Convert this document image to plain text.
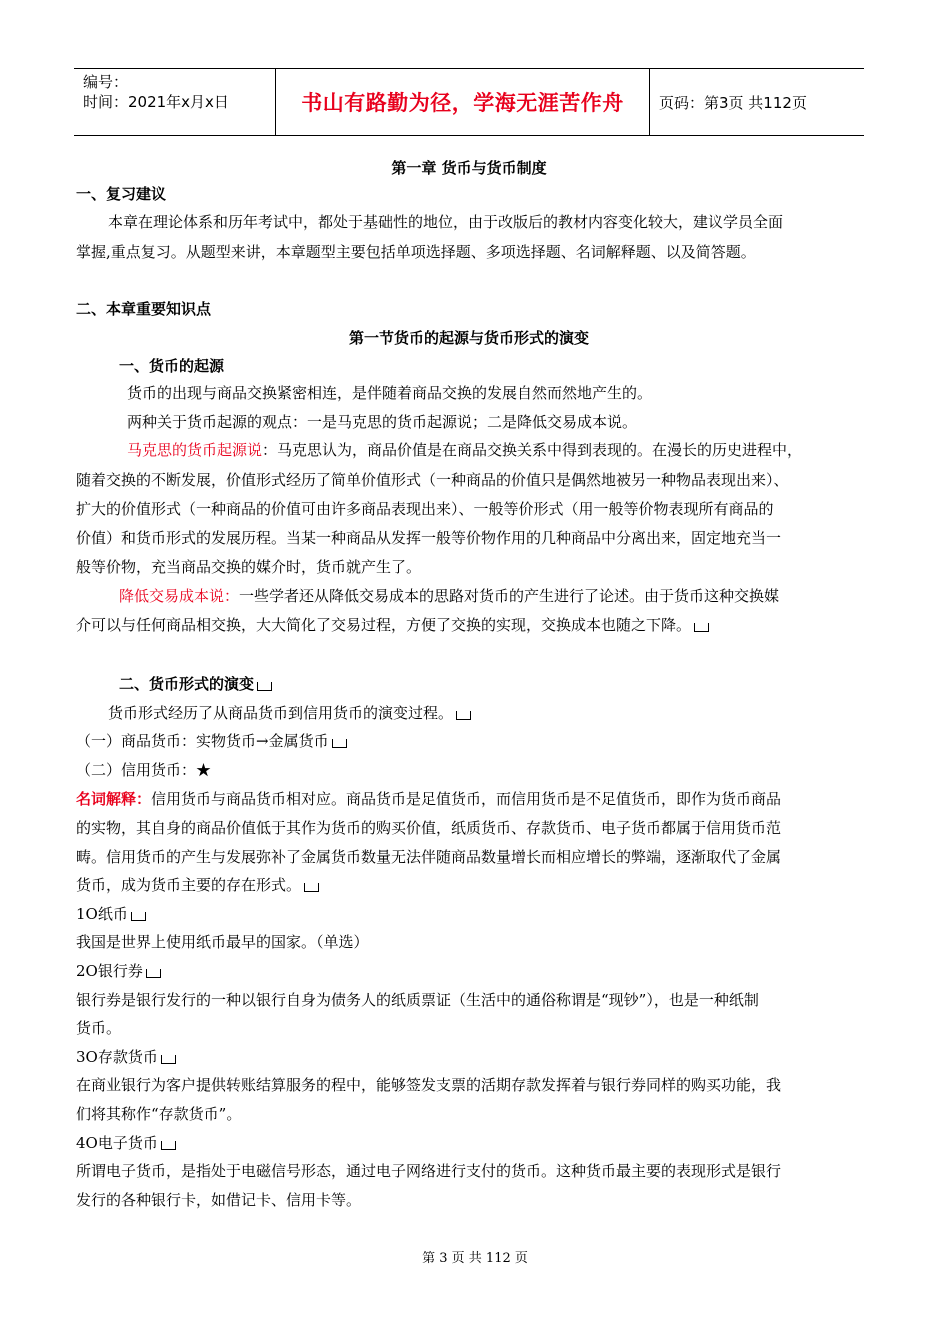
编号：
时间：2021年x月x日	书山有路勤为径，学海无涯苦作舟	页码：第3页 共112页
第一章 货币与货币制度
一、复习建议
本章在理论体系和历年考试中，都处于基础性的地位，由于改版后的教材内容变化较大，建议学员全面
掌握,重点复习。从题型来讲，本章题型主要包括单项选择题、多项选择题、名词解释题、以及简答题。
二、本章重要知识点
第一节货币的起源与货币形式的演变
一、货币的起源
货币的出现与商品交换紧密相连，是伴随着商品交换的发展自然而然地产生的。
两种关于货币起源的观点：一是马克思的货币起源说；二是降低交易成本说。
马克思的货币起源说：马克思认为，商品价值是在商品交换关系中得到表现的。在漫长的历史进程中，
随着交换的不断发展，价值形式经历了简单价值形式（一种商品的价值只是偶然地被另一种物品表现出来）、
扩大的价值形式（一种商品的价值可由许多商品表现出来）、一般等价形式（用一般等价物表现所有商品的
价值）和货币形式的发展历程。当某一种商品从发挥一般等价物作用的几种商品中分离出来，固定地充当一
般等价物，充当商品交换的媒介时，货币就产生了。
降低交易成本说：一些学者还从降低交易成本的思路对货币的产生进行了论述。由于货币这种交换媒
介可以与任何商品相交换，大大简化了交易过程，方便了交换的实现，交换成本也随之下降。
二、货币形式的演变
货币形式经历了从商品货币到信用货币的演变过程。
（一）商品货币：实物货币→金属货币
（二）信用货币：★
名词解释：信用货币与商品货币相对应。商品货币是足值货币，而信用货币是不足值货币，即作为货币商品
的实物，其自身的商品价值低于其作为货币的购买价值，纸质货币、存款货币、电子货币都属于信用货币范
畴。信用货币的产生与发展弥补了金属货币数量无法伴随商品数量增长而相应增长的弊端，逐渐取代了金属
货币，成为货币主要的存在形式。
1О纸币
我国是世界上使用纸币最早的国家。（单选）
2О银行券
银行券是银行发行的一种以银行自身为债务人的纸质票证（生活中的通俗称谓是“现钞”），也是一种纸制
货币。
3О存款货币
在商业银行为客户提供转账结算服务的程中，能够签发支票的活期存款发挥着与银行券同样的购买功能，我
们将其称作“存款货币”。
4О电子货币
所谓电子货币，是指处于电磁信号形态，通过电子网络进行支付的货币。这种货币最主要的表现形式是银行
发行的各种银行卡，如借记卡、信用卡等。
第 3 页 共 112 页
